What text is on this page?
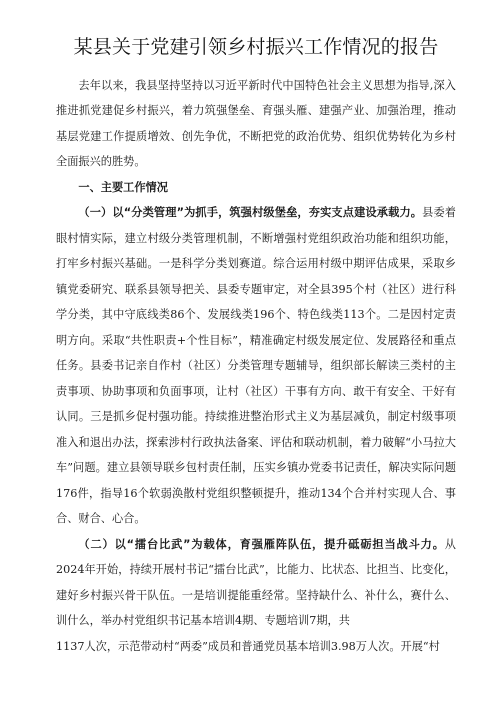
某县关于党建引领乡村振兴工作情况的报告

去年以来，我县坚持坚持以习近平新时代中国特色社会主义思想为指导,深入推进抓党建促乡村振兴，着力筑强堡垒、育强头雁、建强产业、加强治理，推动基层党建工作提质增效、创先争优，不断把党的政治优势、组织优势转化为乡村全面振兴的胜势。

一、主要工作情况

（一）以“分类管理”为抓手，筑强村级堡垒，夯实支点建设承载力。县委着眼村情实际，建立村级分类管理机制，不断增强村党组织政治功能和组织功能，打牢乡村振兴基础。一是科学分类划赛道。综合运用村级中期评估成果，采取乡镇党委研究、联系县领导把关、县委专题审定，对全县395个村（社区）进行科学分类，其中守底线类86个、发展线类196个、特色线类113个。二是因村定责明方向。采取“共性职责+个性目标”，精准确定村级发展定位、发展路径和重点任务。县委书记亲自作村（社区）分类管理专题辅导，组织部长解读三类村的主责事项、协助事项和负面事项，让村（社区）干事有方向、敢干有安全、干好有认同。三是抓乡促村强功能。持续推进整治形式主义为基层减负，制定村级事项准入和退出办法，探索涉村行政执法备案、评估和联动机制，着力破解“小马拉大车”问题。建立县领导联乡包村责任制，压实乡镇办党委书记责任，解决实际问题176件，指导16个软弱涣散村党组织整顿提升，推动134个合并村实现人合、事合、财合、心合。

（二）以“擂台比武”为载体，育强雁阵队伍，提升砥砺担当战斗力。从2024年开始，持续开展村书记“擂台比武”，比能力、比状态、比担当、比变化，建好乡村振兴骨干队伍。一是培训提能重经常。坚持缺什么、补什么，赛什么、训什么，举办村党组织书记基本培训4期、专题培训7期，共

1137人次，示范带动村“两委”成员和普通党员基本培训3.98万人次。开展“村
